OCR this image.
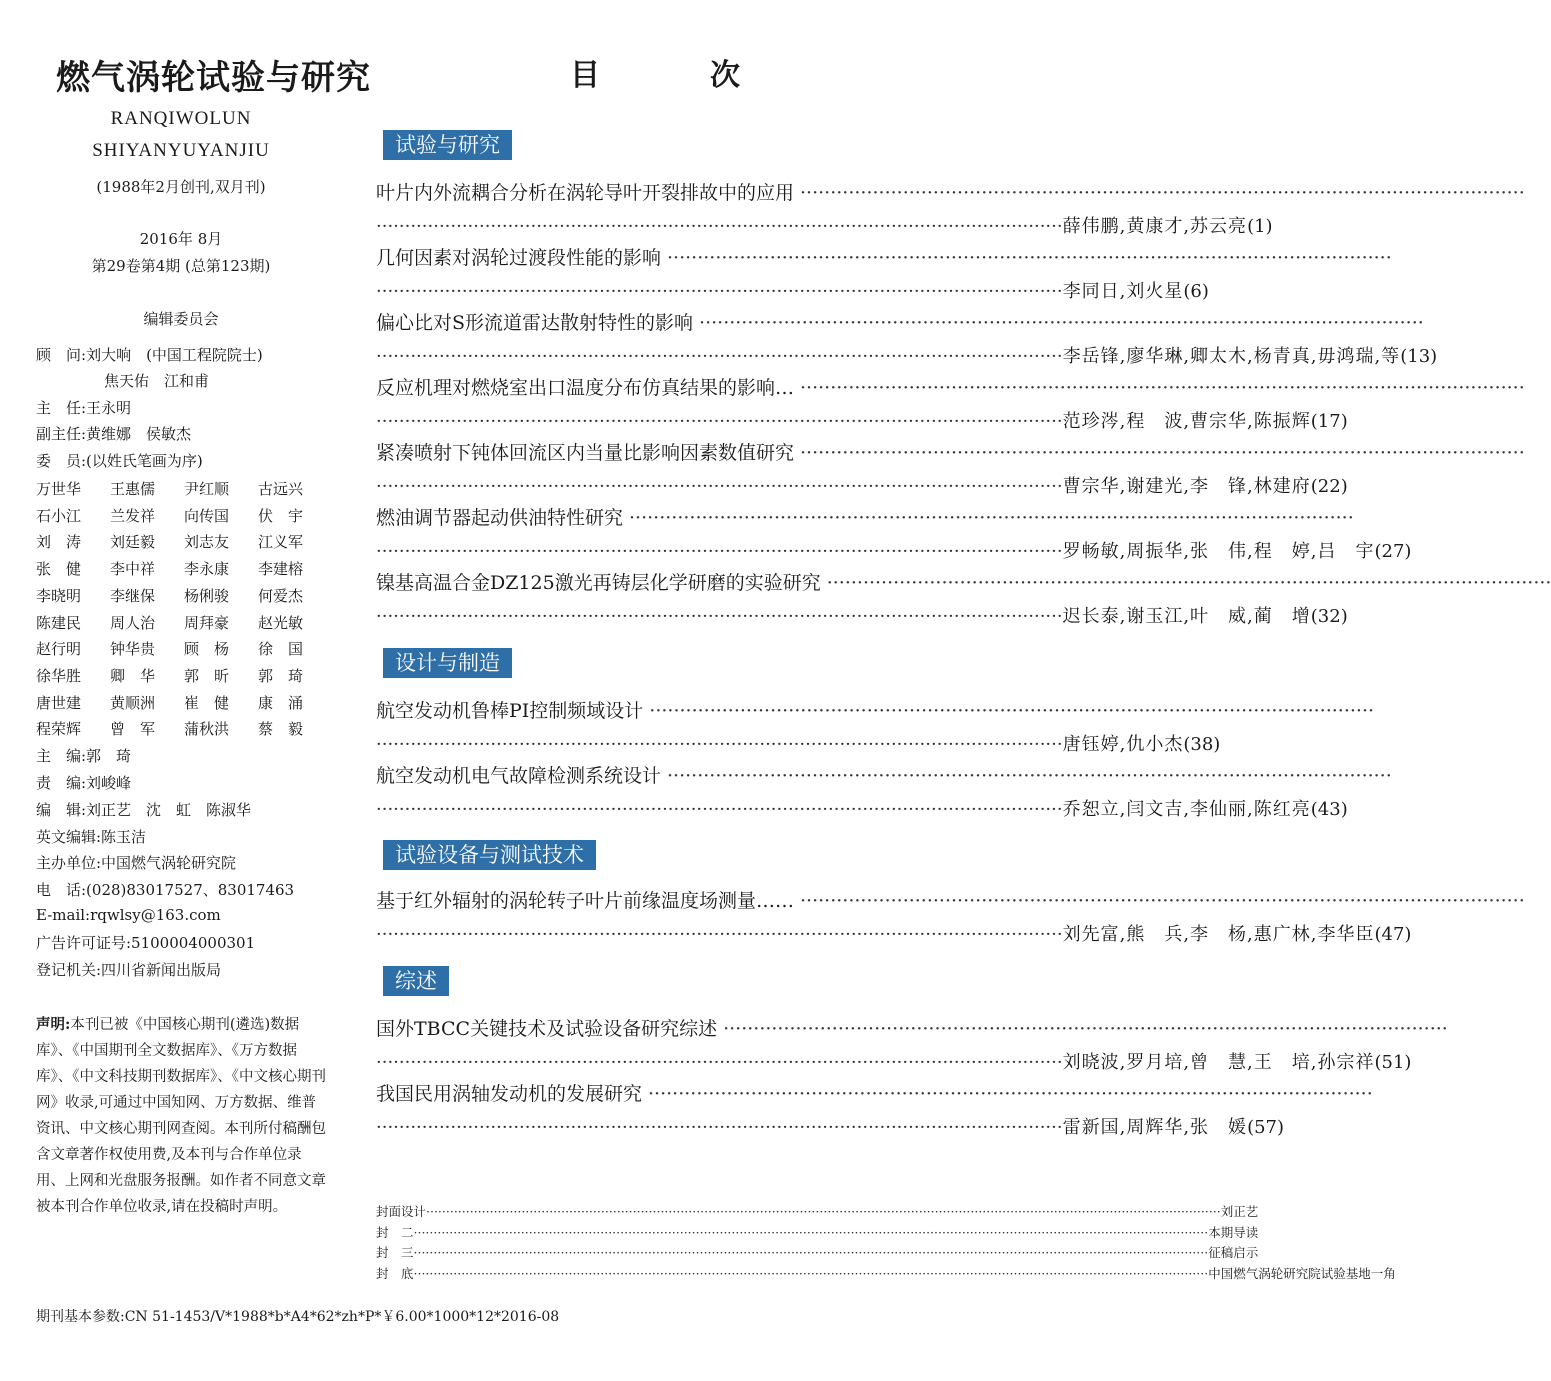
燃气涡轮试验与研究
RANQIWOLUN
SHIYANYUYANJIU
(1988年2月创刊,双月刊)
2016年 8月
第29卷第4期 (总第123期)
编辑委员会
顾　问:刘大响　(中国工程院院士)
焦天佑　江和甫
主　任:王永明
副主任:黄维娜　侯敏杰
委　员:(以姓氏笔画为序)
万世华	王惠儒	尹红顺	古远兴
石小江	兰发祥	向传国	伏　宇
刘　涛	刘廷毅	刘志友	江义军
张　健	李中祥	李永康	李建榕
李晓明	李继保	杨俐骏	何爱杰
陈建民	周人治	周拜豪	赵光敏
赵行明	钟华贵	顾　杨	徐　国
徐华胜	卿　华	郭　昕	郭　琦
唐世建	黄顺洲	崔　健	康　涌
程荣辉	曾　军	蒲秋洪	蔡　毅
主　编:郭　琦
责　编:刘峻峰
编　辑:刘正艺　沈　虹　陈淑华
英文编辑:陈玉洁
主办单位:中国燃气涡轮研究院
电　话:(028)83017527、83017463
E-mail:rqwlsy@163.com
广告许可证号:5100004000301
登记机关:四川省新闻出版局
声明:本刊已被《中国核心期刊(遴选)数据库》、《中国期刊全文数据库》、《万方数据库》、《中文科技期刊数据库》、《中文核心期刊网》收录,可通过中国知网、万方数据、维普资讯、中文核心期刊网查阅。本刊所付稿酬包含文章著作权使用费,及本刊与合作单位录用、上网和光盘服务报酬。如作者不同意文章被本刊合作单位收录,请在投稿时声明。
期刊基本参数:CN 51-1453/V*1988*b*A4*62*zh*P*￥6.00*1000*12*2016-08
目　次
试验与研究
叶片内外流耦合分析在涡轮导叶开裂排故中的应用 ························································································································
························································································································ 薛伟鹏,黄康才,苏云亮 (1)
几何因素对涡轮过渡段性能的影响 ························································································································
························································································································ 李同日,刘火星 (6)
偏心比对S形流道雷达散射特性的影响 ························································································································
························································································································ 李岳锋,廖华琳,卿太木,杨青真,毋鸿瑞,等 (13)
反应机理对燃烧室出口温度分布仿真结果的影响… ························································································································
························································································································ 范珍涔,程　波,曹宗华,陈振辉 (17)
紧凑喷射下钝体回流区内当量比影响因素数值研究 ························································································································
························································································································ 曹宗华,谢建光,李　锋,林建府 (22)
燃油调节器起动供油特性研究 ························································································································
························································································································ 罗畅敏,周振华,张　伟,程　婷,吕　宇 (27)
镍基高温合金DZ125激光再铸层化学研磨的实验研究 ························································································································
························································································································ 迟长泰,谢玉江,叶　威,蔺　增 (32)
设计与制造
航空发动机鲁棒PI控制频域设计 ························································································································
························································································································ 唐钰婷,仇小杰 (38)
航空发动机电气故障检测系统设计 ························································································································
························································································································ 乔恕立,闫文吉,李仙丽,陈红亮 (43)
试验设备与测试技术
基于红外辐射的涡轮转子叶片前缘温度场测量…… ························································································································
························································································································ 刘先富,熊　兵,李　杨,惠广林,李华臣 (47)
综述
国外TBCC关键技术及试验设备研究综述 ························································································································
························································································································ 刘晓波,罗月培,曾　慧,王　培,孙宗祥 (51)
我国民用涡轴发动机的发展研究 ························································································································
························································································································ 雷新国,周辉华,张　媛 (57)
封面设计 ········································································································································································································ 刘正艺
封　二 ········································································································································································································ 本期导读
封　三 ········································································································································································································ 征稿启示
封　底 ········································································································································································································ 中国燃气涡轮研究院试验基地一角
